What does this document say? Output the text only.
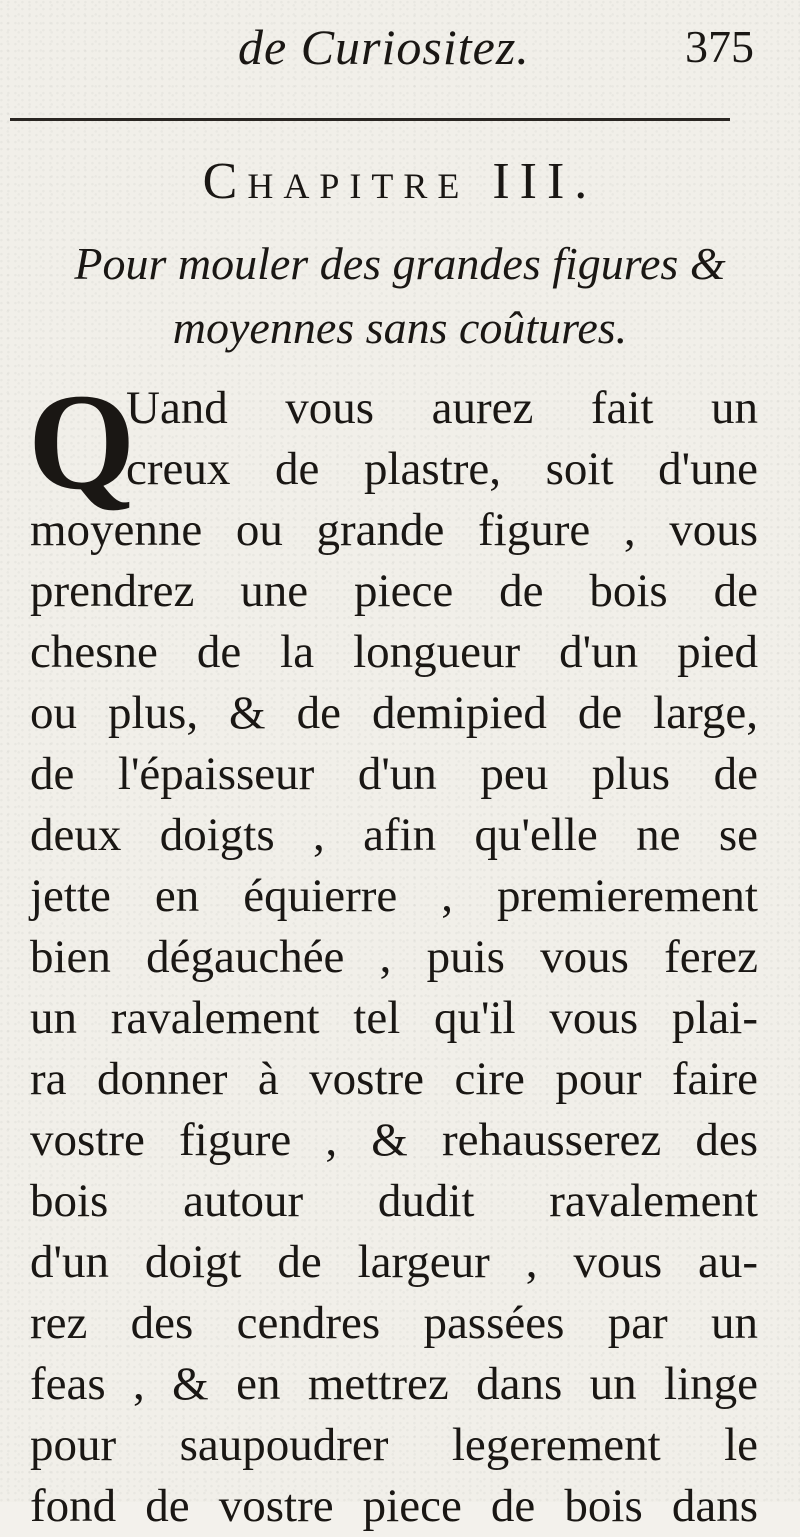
de Curiositez.	375
Chapitre III.
Pour mouler des grandes figures &
moyennes sans coûtures.
Q
Uand vous aurez fait un
creux de plastre, soit d'une
moyenne ou grande figure , vous
prendrez une piece de bois de
chesne de la longueur d'un pied
ou plus, & de demipied de large,
de l'épaisseur d'un peu plus de
deux doigts , afin qu'elle ne se
jette en équierre , premierement
bien dégauchée , puis vous ferez
un ravalement tel qu'il vous plai-
ra donner à vostre cire pour faire
vostre figure , & rehausserez des
bois autour dudit ravalement
d'un doigt de largeur , vous au-
rez des cendres passées par un
feas , & en mettrez dans un linge
pour saupoudrer legerement le
fond de vostre piece de bois dans
